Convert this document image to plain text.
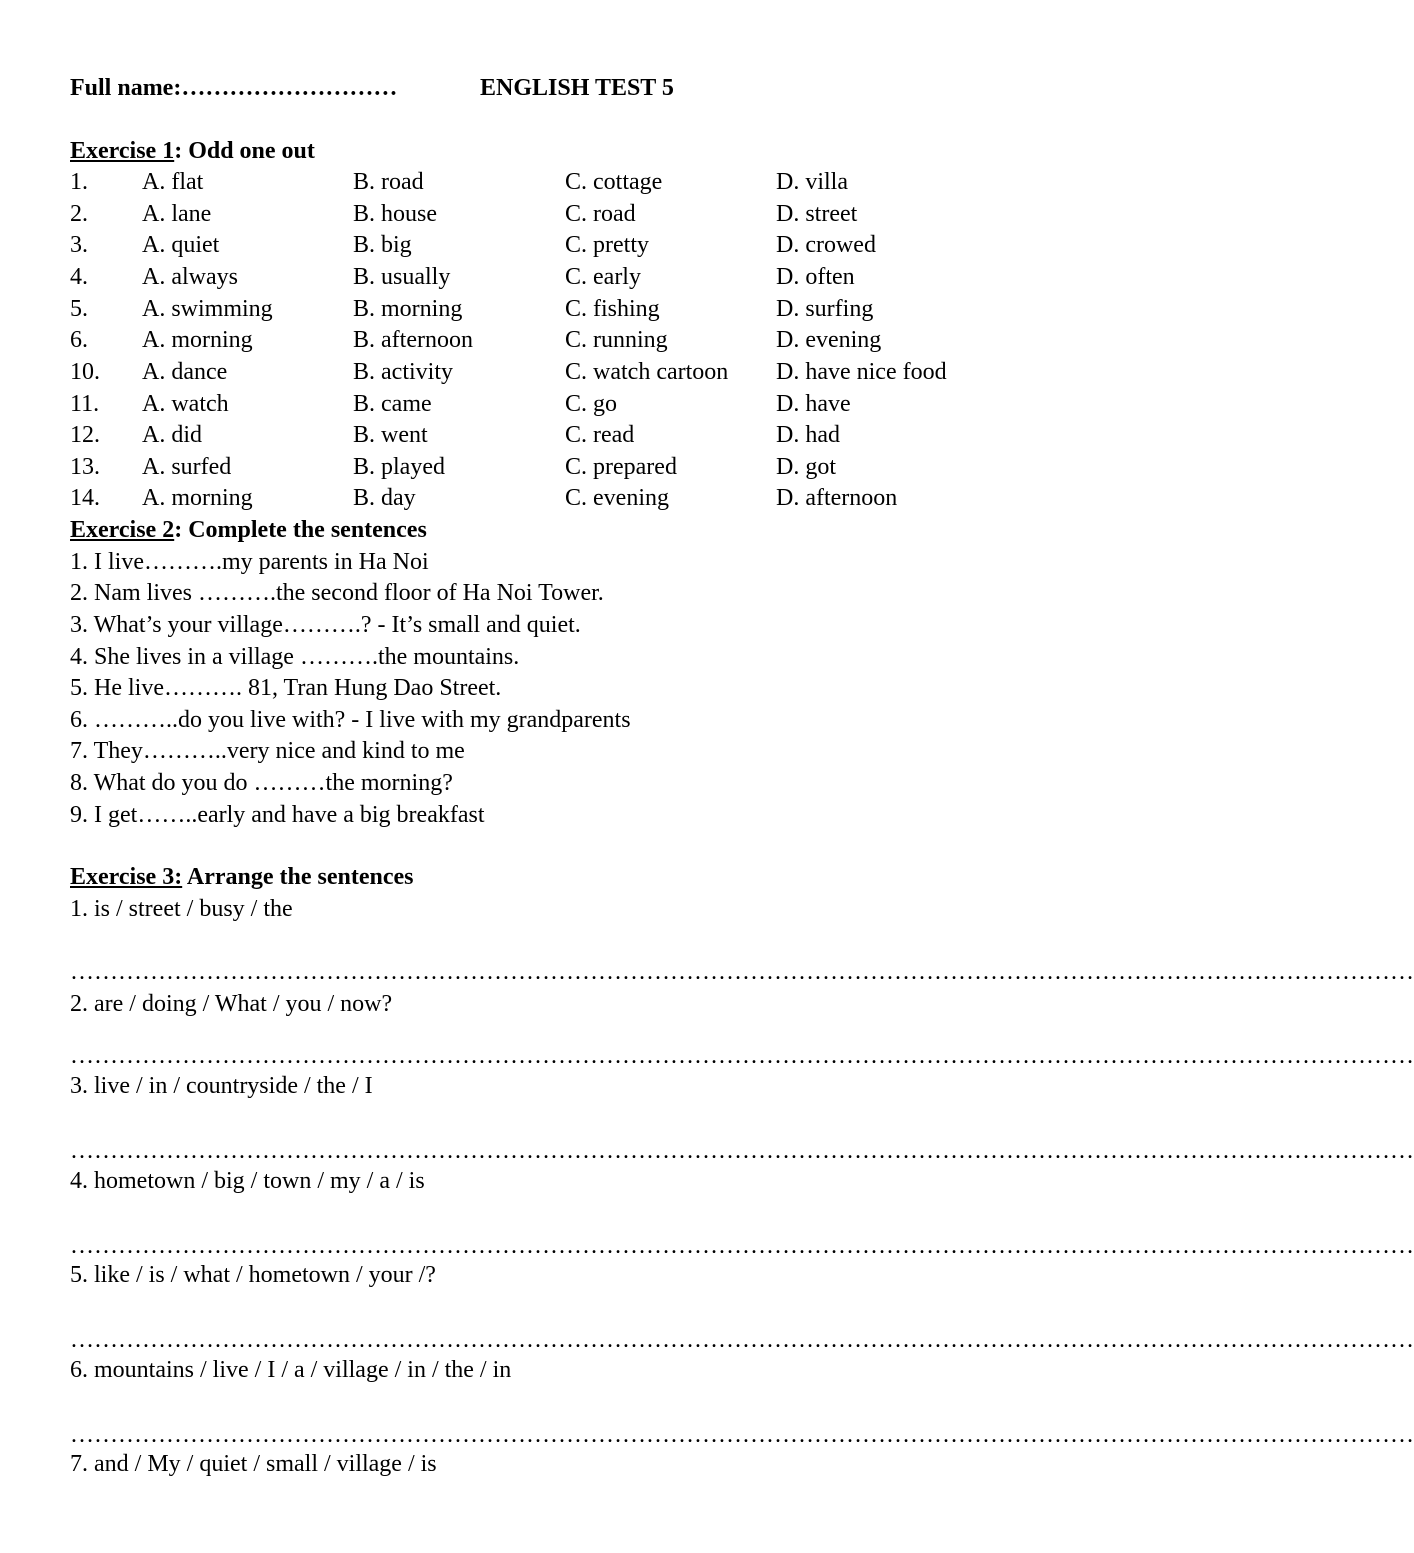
Full name:………………………	ENGLISH TEST 5
Exercise 1: Odd one out
1. A. flat	B. road	C. cottage	D. villa
2. A. lane	B. house	C. road	D. street
3. A. quiet	B. big	C. pretty	D. crowed
4. A. always	B. usually	C. early	D. often
5. A. swimming	B. morning	C. fishing	D. surfing
6. A. morning	B. afternoon	C. running	D. evening
10. A. dance	B. activity	C. watch cartoon D. have nice food
11. A. watch	B. came	C. go	D. have
12. A. did	B. went	C. read	D. had
13. A. surfed	B. played	C. prepared	D. got
14. A. morning	B. day	C. evening	D. afternoon
Exercise 2: Complete the sentences
1. I live……….my parents in Ha Noi
2. Nam lives ……….the second floor of Ha Noi Tower.
3. What’s your village……….? - It’s small and quiet.
4. She lives in a village ……….the mountains.
5. He live………. 81, Tran Hung Dao Street.
6. ………..do you live with? - I live with my grandparents
7. They………..very nice and kind to me
8. What do you do ………the morning?
9. I get……..early and have a big breakfast
Exercise 3: Arrange the sentences
1. is / street / busy / the
……………………………………………………………………………………………………………………………………………………
2. are / doing / What / you / now?
……………………………………………………………………………………………………………………………………………………
3. live / in / countryside / the / I
……………………………………………………………………………………………………………………………………………………
4. hometown / big / town / my / a / is
……………………………………………………………………………………………………………………………………………………
5. like / is / what / hometown / your /?
……………………………………………………………………………………………………………………………………………………
6. mountains / live / I / a / village / in / the / in
……………………………………………………………………………………………………………………………………………………
7. and / My / quiet / small / village / is
